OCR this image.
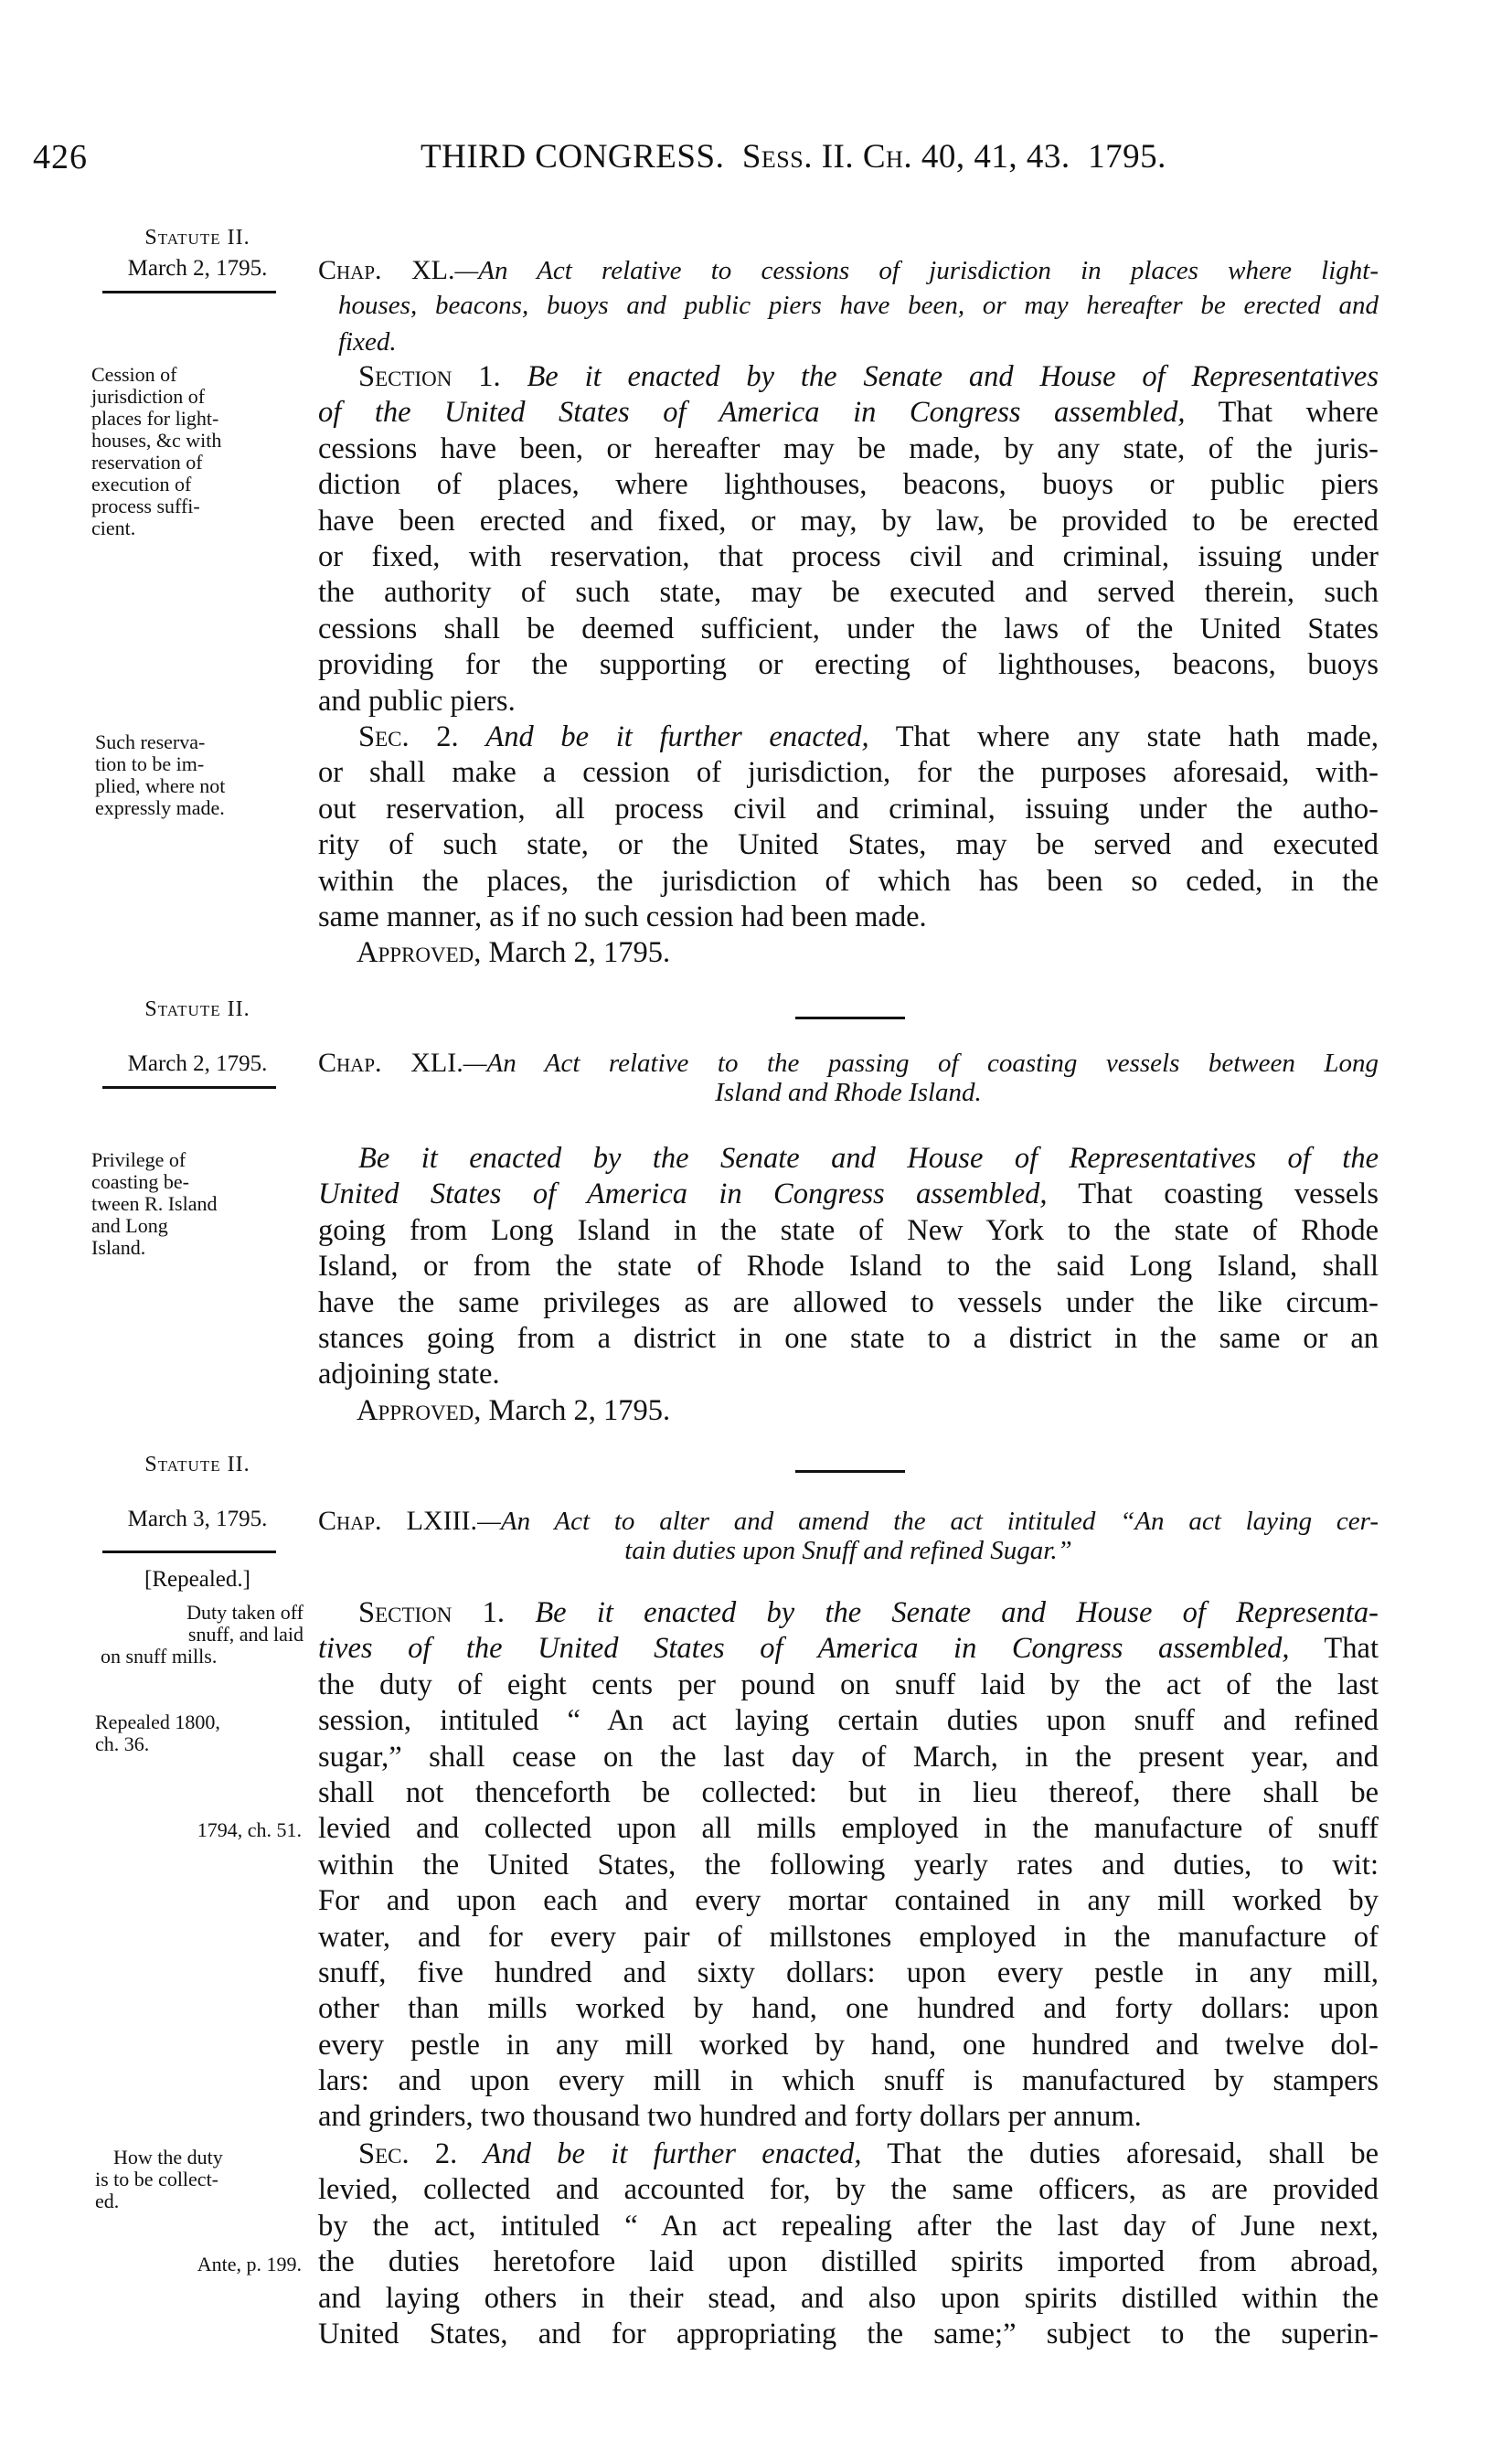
426	THIRD CONGRESS. Sess. II. Ch. 40, 41, 43. 1795.
Statute II.
March 2, 1795.	Chap. XL.—An Act relative to cessions of jurisdiction in places where light-
houses, beacons, buoys and public piers have been, or may hereafter be erected and
fixed.
Cession of
jurisdiction of
places for light-
houses, &c with
reservation of
execution of
process suffi-
cient.
Section 1. Be it enacted by the Senate and House of Representatives
of the United States of America in Congress assembled, That where
cessions have been, or hereafter may be made, by any state, of the juris-
diction of places, where lighthouses, beacons, buoys or public piers
have been erected and fixed, or may, by law, be provided to be erected
or fixed, with reservation, that process civil and criminal, issuing under
the authority of such state, may be executed and served therein, such
cessions shall be deemed sufficient, under the laws of the United States
providing for the supporting or erecting of lighthouses, beacons, buoys
and public piers.
Such reserva-
tion to be im-
plied, where not
expressly made.
Sec. 2. And be it further enacted, That where any state hath made,
or shall make a cession of jurisdiction, for the purposes aforesaid, with-
out reservation, all process civil and criminal, issuing under the autho-
rity of such state, or the United States, may be served and executed
within the places, the jurisdiction of which has been so ceded, in the
same manner, as if no such cession had been made.
Approved, March 2, 1795.
Statute II.
March 2, 1795.	Chap. XLI.—An Act relative to the passing of coasting vessels between Long
Island and Rhode Island.
Privilege of
coasting be-
tween R. Island
and Long
Island.
Be it enacted by the Senate and House of Representatives of the
United States of America in Congress assembled, That coasting vessels
going from Long Island in the state of New York to the state of Rhode
Island, or from the state of Rhode Island to the said Long Island, shall
have the same privileges as are allowed to vessels under the like circum-
stances going from a district in one state to a district in the same or an
adjoining state.
Approved, March 2, 1795.
Statute II.
March 3, 1795.	Chap. LXIII.—An Act to alter and amend the act intituled “An act laying cer-
tain duties upon Snuff and refined Sugar.”
[Repealed.]
Duty taken off
snuff, and laid
on snuff mills.
Repealed 1800,
ch. 36.
1794, ch. 51.
Section 1. Be it enacted by the Senate and House of Representa-
tives of the United States of America in Congress assembled, That
the duty of eight cents per pound on snuff laid by the act of the last
session, intituled “ An act laying certain duties upon snuff and refined
sugar,” shall cease on the last day of March, in the present year, and
shall not thenceforth be collected: but in lieu thereof, there shall be
levied and collected upon all mills employed in the manufacture of snuff
within the United States, the following yearly rates and duties, to wit:
For and upon each and every mortar contained in any mill worked by
water, and for every pair of millstones employed in the manufacture of
snuff, five hundred and sixty dollars: upon every pestle in any mill,
other than mills worked by hand, one hundred and forty dollars: upon
every pestle in any mill worked by hand, one hundred and twelve dol-
lars: and upon every mill in which snuff is manufactured by stampers
and grinders, two thousand two hundred and forty dollars per annum.
How the duty
is to be collect-
ed.
Ante, p. 199.
Sec. 2. And be it further enacted, That the duties aforesaid, shall be
levied, collected and accounted for, by the same officers, as are provided
by the act, intituled “ An act repealing after the last day of June next,
the duties heretofore laid upon distilled spirits imported from abroad,
and laying others in their stead, and also upon spirits distilled within the
United States, and for appropriating the same;” subject to the superin-
